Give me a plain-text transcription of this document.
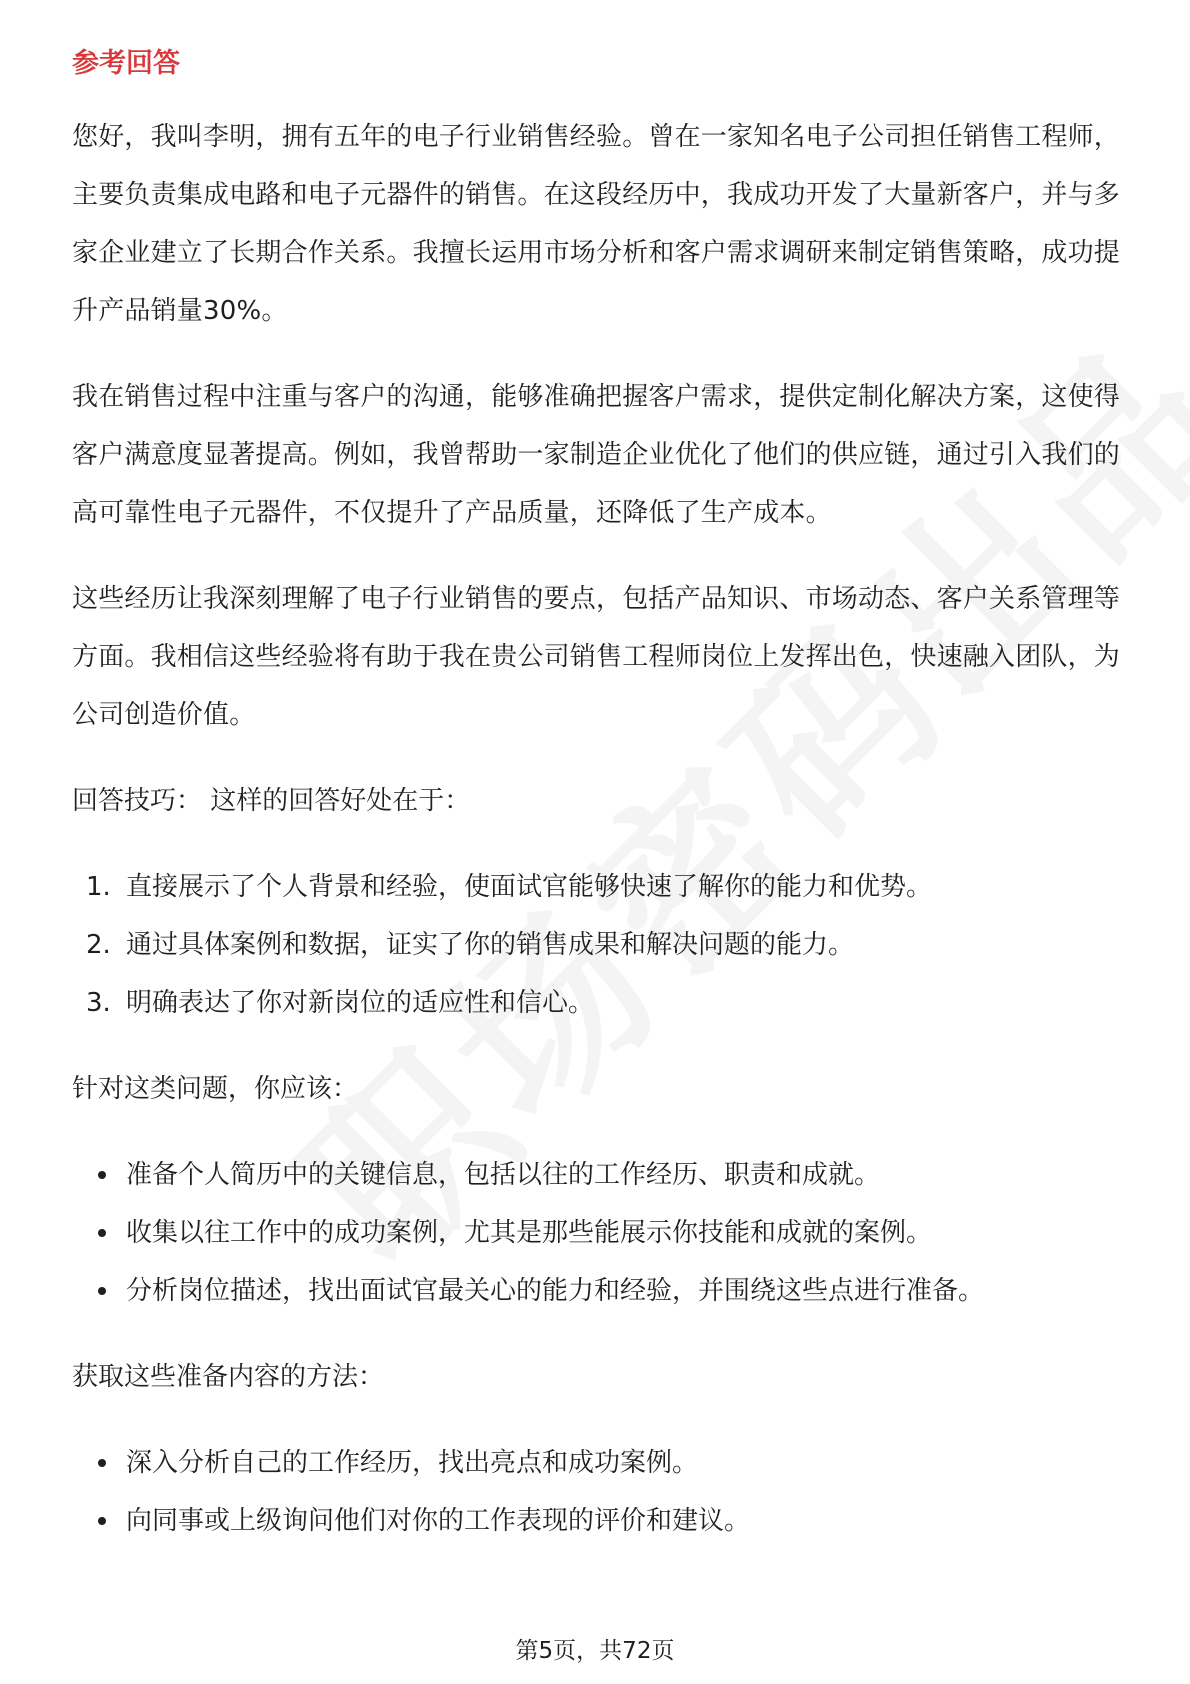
参考回答

您好，我叫李明，拥有五年的电子行业销售经验。曾在一家知名电子公司担任销售工程师，主要负责集成电路和电子元器件的销售。在这段经历中，我成功开发了大量新客户，并与多家企业建立了长期合作关系。我擅长运用市场分析和客户需求调研来制定销售策略，成功提升产品销量30%。

我在销售过程中注重与客户的沟通，能够准确把握客户需求，提供定制化解决方案，这使得客户满意度显著提高。例如，我曾帮助一家制造企业优化了他们的供应链，通过引入我们的高可靠性电子元器件，不仅提升了产品质量，还降低了生产成本。

这些经历让我深刻理解了电子行业销售的要点，包括产品知识、市场动态、客户关系管理等方面。我相信这些经验将有助于我在贵公司销售工程师岗位上发挥出色，快速融入团队，为公司创造价值。

回答技巧： 这样的回答好处在于：

1. 直接展示了个人背景和经验，使面试官能够快速了解你的能力和优势。
2. 通过具体案例和数据，证实了你的销售成果和解决问题的能力。
3. 明确表达了你对新岗位的适应性和信心。

针对这类问题，你应该：

准备个人简历中的关键信息，包括以往的工作经历、职责和成就。
收集以往工作中的成功案例，尤其是那些能展示你技能和成就的案例。
分析岗位描述，找出面试官最关心的能力和经验，并围绕这些点进行准备。

获取这些准备内容的方法：

深入分析自己的工作经历，找出亮点和成功案例。
向同事或上级询问他们对你的工作表现的评价和建议。
第5页，共72页
